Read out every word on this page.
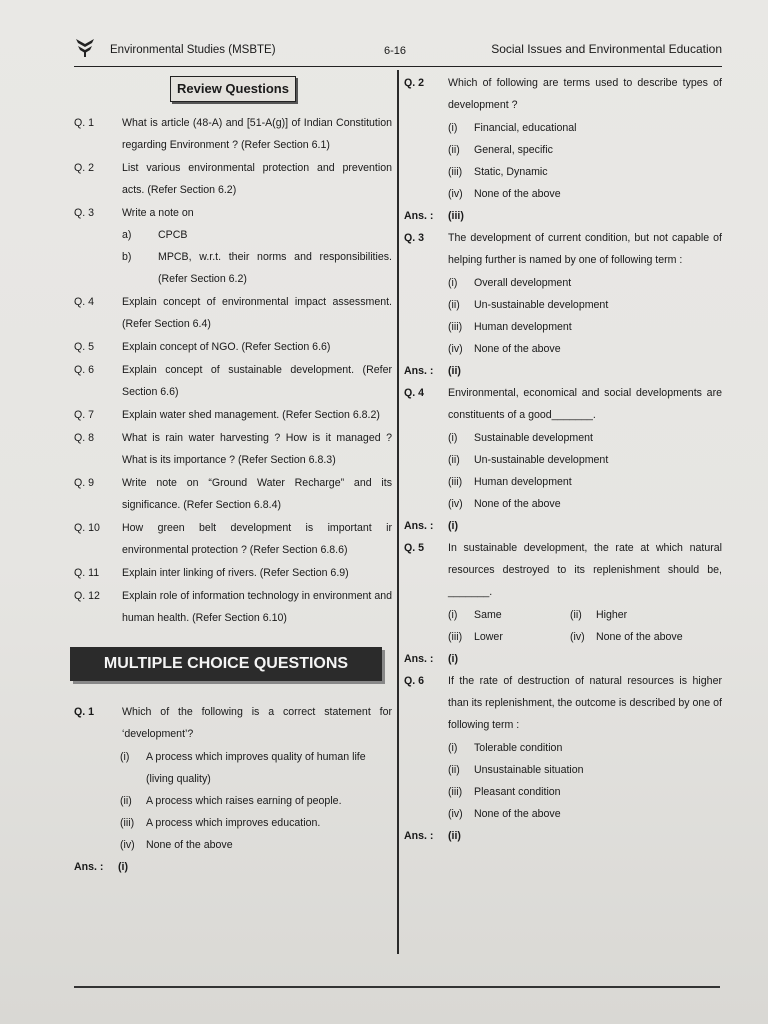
Environmental Studies (MSBTE)	6-16	Social Issues and Environmental Education
Review Questions
Q. 1	What is article (48-A) and [51-A(g)] of Indian Constitution regarding Environment ? (Refer Section 6.1)
Q. 2	List various environmental protection and prevention acts. (Refer Section 6.2)
Q. 3	Write a note on
a)	CPCB
b)	MPCB, w.r.t. their norms and responsibilities. (Refer Section 6.2)
Q. 4	Explain concept of environmental impact assessment. (Refer Section 6.4)
Q. 5	Explain concept of NGO. (Refer Section 6.6)
Q. 6	Explain concept of sustainable development. (Refer Section 6.6)
Q. 7	Explain water shed management. (Refer Section 6.8.2)
Q. 8	What is rain water harvesting ? How is it managed ? What is its importance ? (Refer Section 6.8.3)
Q. 9	Write note on “Ground Water Recharge” and its significance. (Refer Section 6.8.4)
Q. 10	How green belt development is important ir environmental protection ? (Refer Section 6.8.6)
Q. 11	Explain inter linking of rivers. (Refer Section 6.9)
Q. 12	Explain role of information technology in environment and human health. (Refer Section 6.10)
MULTIPLE CHOICE QUESTIONS
Q. 1	Which of the following is a correct statement for ‘development’?
(i)	A process which improves quality of human life (living quality)
(ii)	A process which raises earning of people.
(iii)	A process which improves education.
(iv)	None of the above
Ans. :	(i)
Q. 2	Which of following are terms used to describe types of development ?
(i)	Financial, educational
(ii)	General, specific
(iii)	Static, Dynamic
(iv)	None of the above
Ans. :	(iii)
Q. 3	The development of current condition, but not capable of helping further is named by one of following term :
(i)	Overall development
(ii)	Un-sustainable development
(iii)	Human development
(iv)	None of the above
Ans. :	(ii)
Q. 4	Environmental, economical and social developments are constituents of a good_______.
(i)	Sustainable development
(ii)	Un-sustainable development
(iii)	Human development
(iv)	None of the above
Ans. :	(i)
Q. 5	In sustainable development, the rate at which natural resources destroyed to its replenishment should be, _______.
(i)	Same	(ii)	Higher
(iii)	Lower	(iv)	None of the above
Ans. :	(i)
Q. 6	If the rate of destruction of natural resources is higher than its replenishment, the outcome is described by one of following term :
(i)	Tolerable condition
(ii)	Unsustainable situation
(iii)	Pleasant condition
(iv)	None of the above
Ans. :	(ii)
